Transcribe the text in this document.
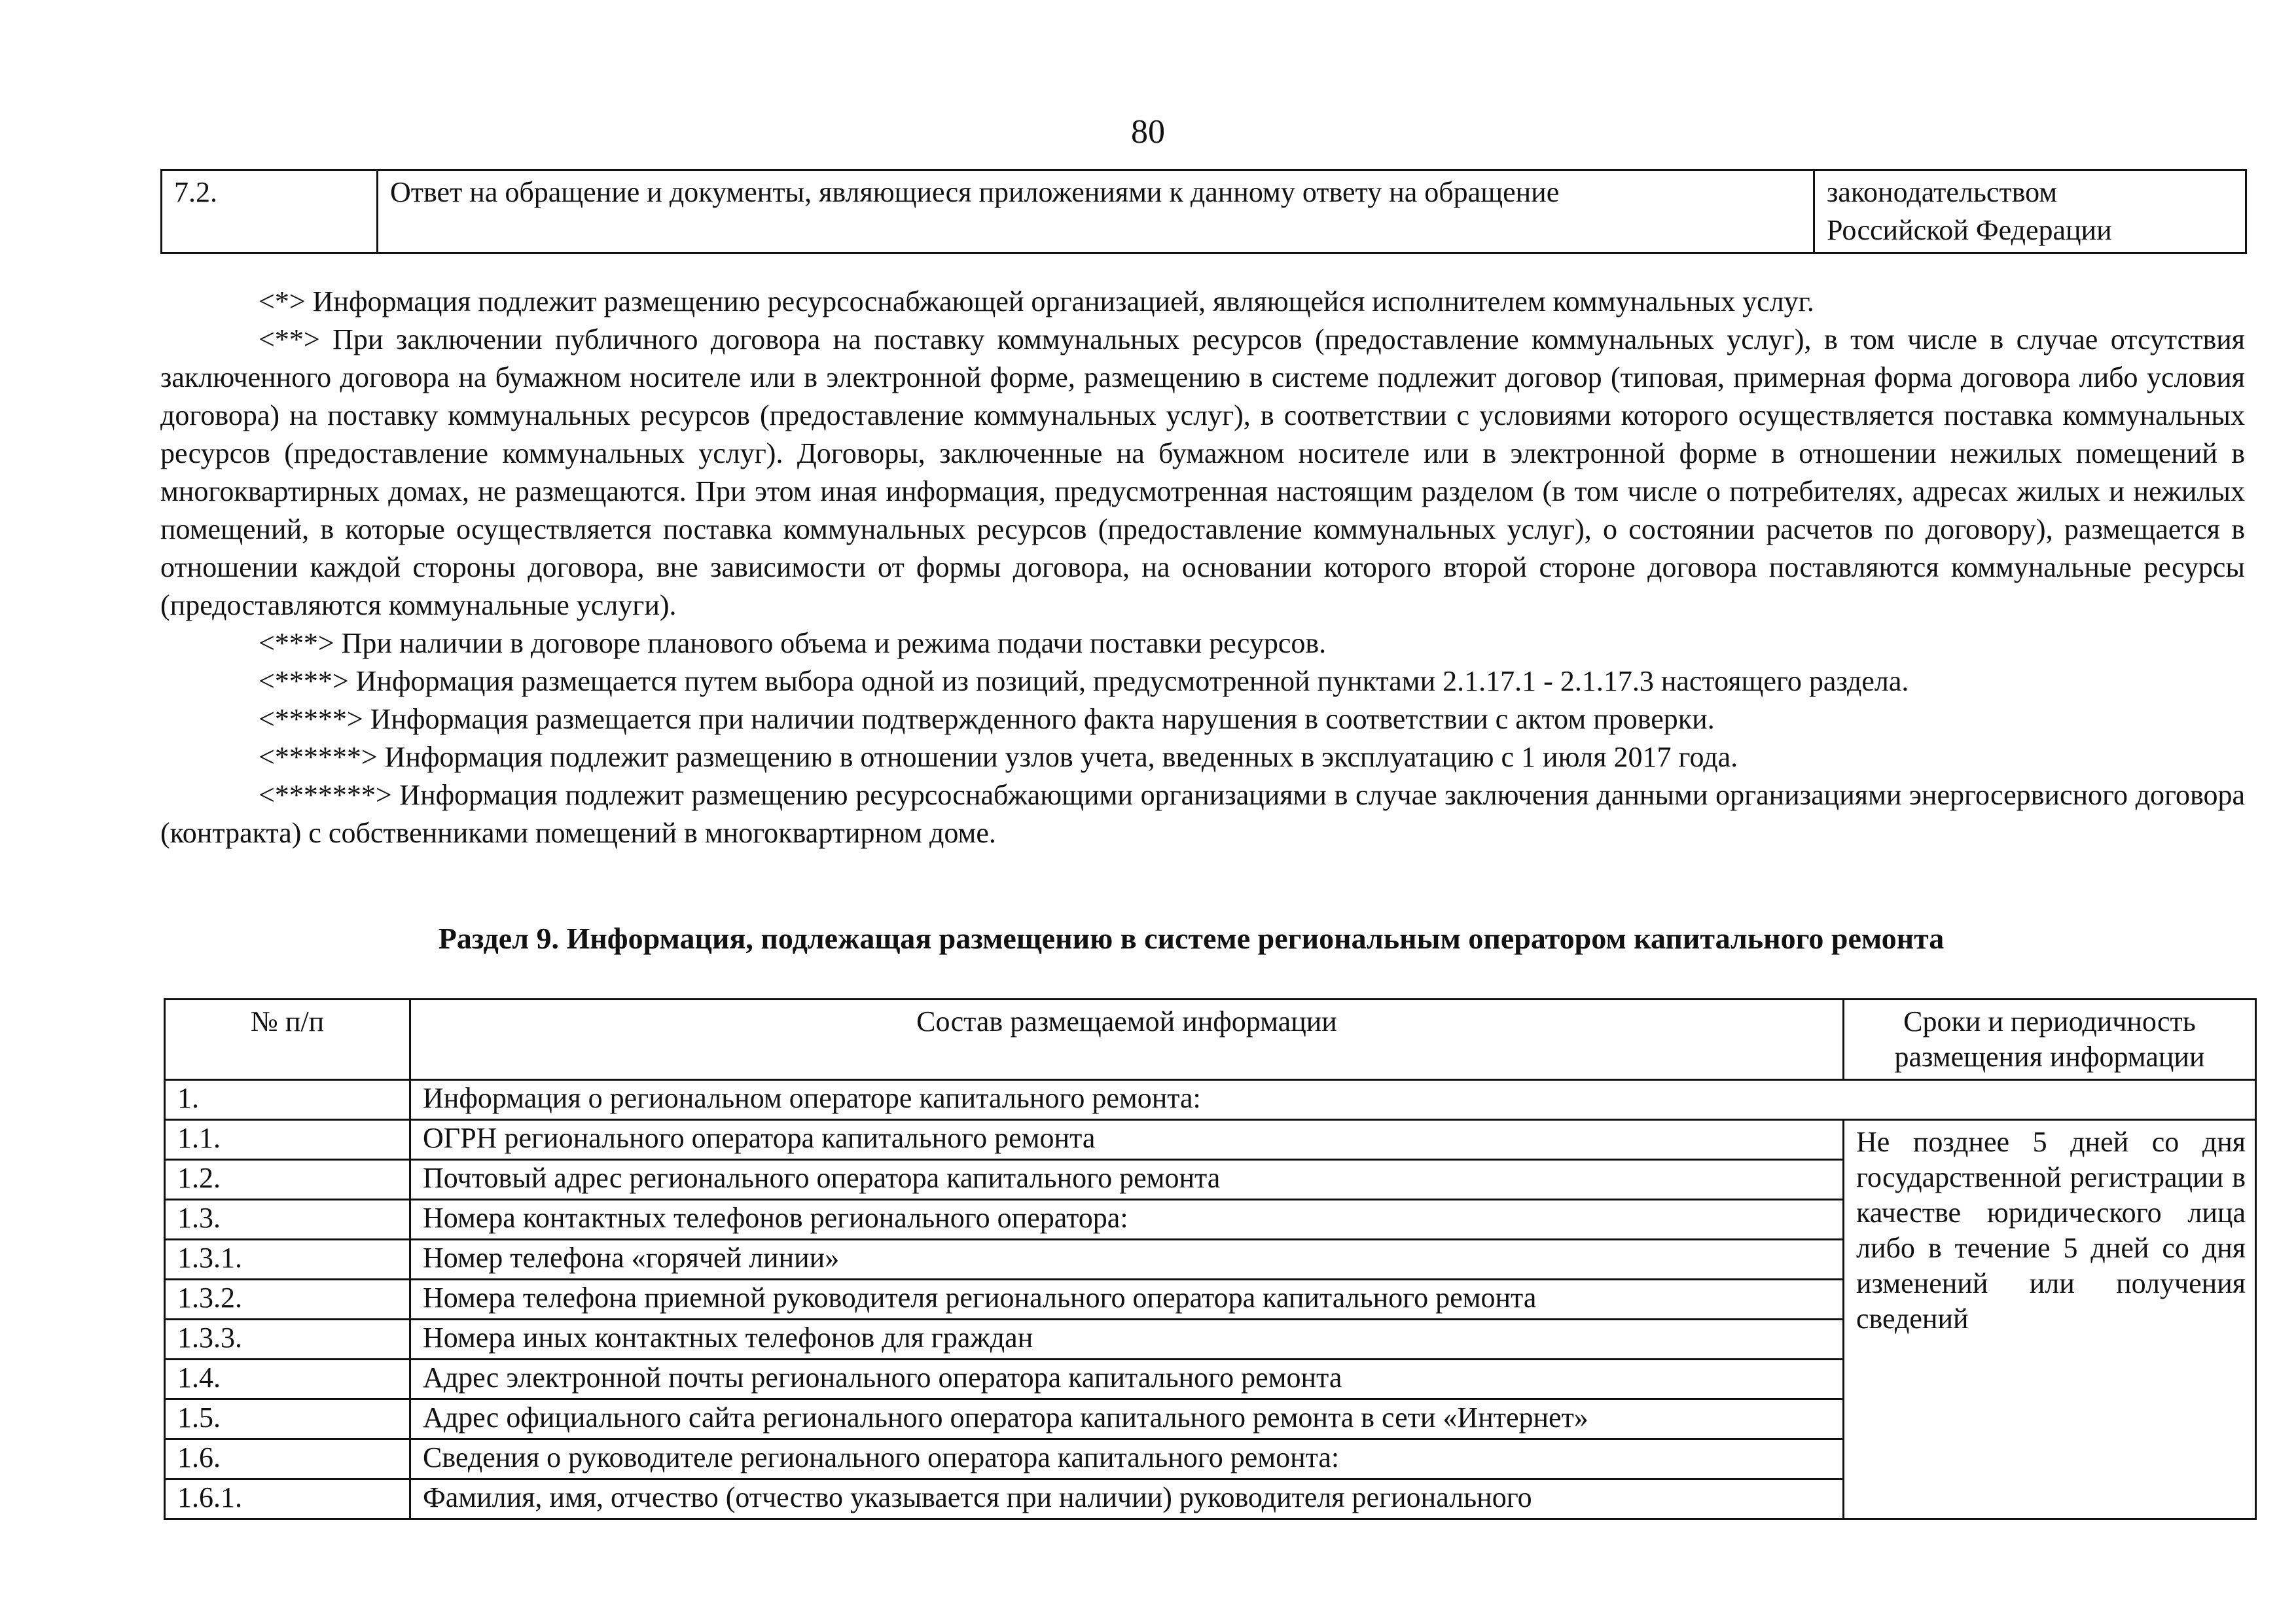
80
7.2.	Ответ на обращение и документы, являющиеся приложениями к данному ответу на обращение	законодательством
Российской Федерации

<*> Информация подлежит размещению ресурсоснабжающей организацией, являющейся исполнителем коммунальных услуг.

<**> При заключении публичного договора на поставку коммунальных ресурсов (предоставление коммунальных услуг), в том числе в случае отсутствия заключенного договора на бумажном носителе или в электронной форме, размещению в системе подлежит договор (типовая, примерная форма договора либо условия договора) на поставку коммунальных ресурсов (предоставление коммунальных услуг), в соответствии с условиями которого осуществляется поставка коммунальных ресурсов (предоставление коммунальных услуг). Договоры, заключенные на бумажном носителе или в электронной форме в отношении нежилых помещений в многоквартирных домах, не размещаются. При этом иная информация, предусмотренная настоящим разделом (в том числе о потребителях, адресах жилых и нежилых помещений, в которые осуществляется поставка коммунальных ресурсов (предоставление коммунальных услуг), о состоянии расчетов по договору), размещается в отношении каждой стороны договора, вне зависимости от формы договора, на основании которого второй стороне договора поставляются коммунальные ресурсы (предоставляются коммунальные услуги).

<***> При наличии в договоре планового объема и режима подачи поставки ресурсов.

<****> Информация размещается путем выбора одной из позиций, предусмотренной пунктами 2.1.17.1 - 2.1.17.3 настоящего раздела.

<*****> Информация размещается при наличии подтвержденного факта нарушения в соответствии с актом проверки.

<******> Информация подлежит размещению в отношении узлов учета, введенных в эксплуатацию с 1 июля 2017 года.

<*******> Информация подлежит размещению ресурсоснабжающими организациями в случае заключения данными организациями энергосервисного договора (контракта) с собственниками помещений в многоквартирном доме.

Раздел 9. Информация, подлежащая размещению в системе региональным оператором капитального ремонта
№ п/п	Состав размещаемой информации	Сроки и периодичность размещения информации
1.	Информация о региональном операторе капитального ремонта:	
1.1.	ОГРН регионального оператора капитального ремонта	Не позднее 5 дней со дня государственной регистрации в качестве юридического лица либо в течение 5 дней со дня изменений или получения сведений
1.2.	Почтовый адрес регионального оператора капитального ремонта	
1.3.	Номера контактных телефонов регионального оператора:	
1.3.1.	Номер телефона «горячей линии»	
1.3.2.	Номера телефона приемной руководителя регионального оператора капитального ремонта	
1.3.3.	Номера иных контактных телефонов для граждан	
1.4.	Адрес электронной почты регионального оператора капитального ремонта	
1.5.	Адрес официального сайта регионального оператора капитального ремонта в сети «Интернет»	
1.6.	Сведения о руководителе регионального оператора капитального ремонта:	
1.6.1.	Фамилия, имя, отчество (отчество указывается при наличии) руководителя регионального	
